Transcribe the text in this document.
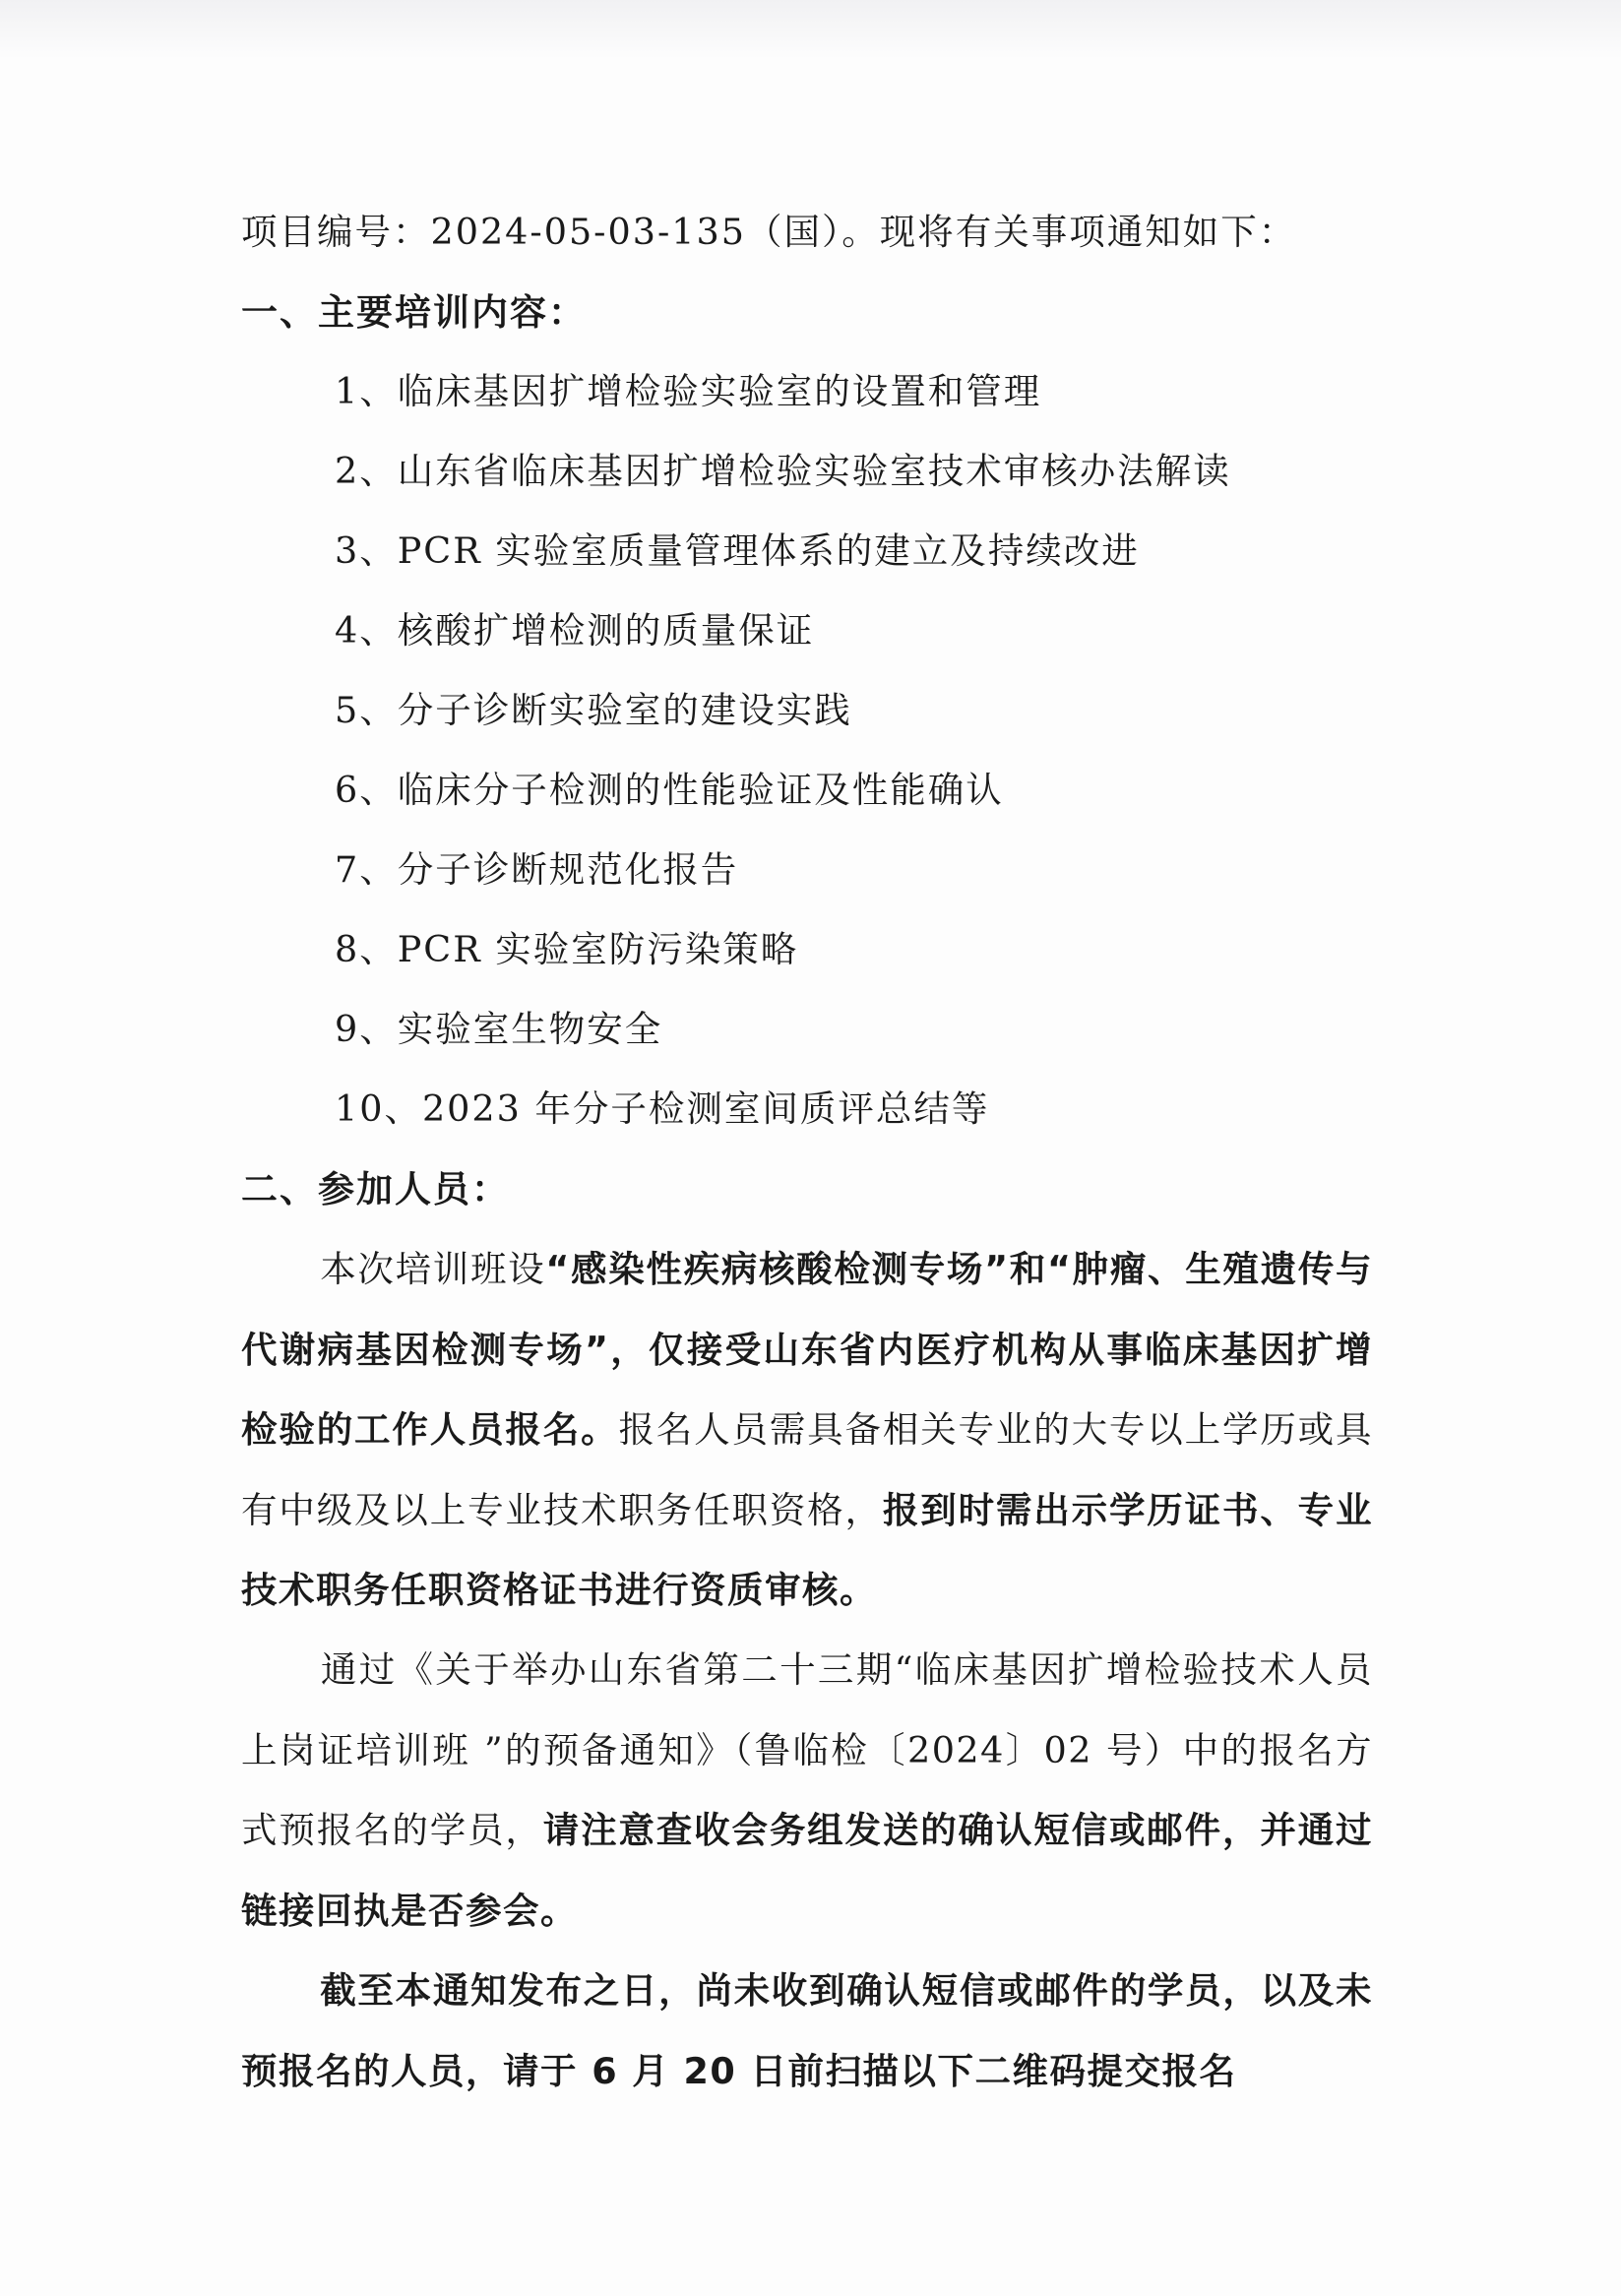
项目编号：2024-05-03-135（国）。现将有关事项通知如下：
一、主要培训内容：
1、临床基因扩增检验实验室的设置和管理
2、山东省临床基因扩增检验实验室技术审核办法解读
3、PCR 实验室质量管理体系的建立及持续改进
4、核酸扩增检测的质量保证
5、分子诊断实验室的建设实践
6、临床分子检测的性能验证及性能确认
7、分子诊断规范化报告
8、PCR 实验室防污染策略
9、实验室生物安全
10、2023 年分子检测室间质评总结等
二、参加人员：
本次培训班设“感染性疾病核酸检测专场”和“肿瘤、生殖遗传与代谢病基因检测专场”，仅接受山东省内医疗机构从事临床基因扩增检验的工作人员报名。报名人员需具备相关专业的大专以上学历或具有中级及以上专业技术职务任职资格，报到时需出示学历证书、专业技术职务任职资格证书进行资质审核。
通过《关于举办山东省第二十三期“临床基因扩增检验技术人员上岗证培训班 ”的预备通知》（鲁临检〔2024〕02 号）中的报名方式预报名的学员，请注意查收会务组发送的确认短信或邮件，并通过链接回执是否参会。
截至本通知发布之日，尚未收到确认短信或邮件的学员，以及未预报名的人员，请于 6 月 20 日前扫描以下二维码提交报名
